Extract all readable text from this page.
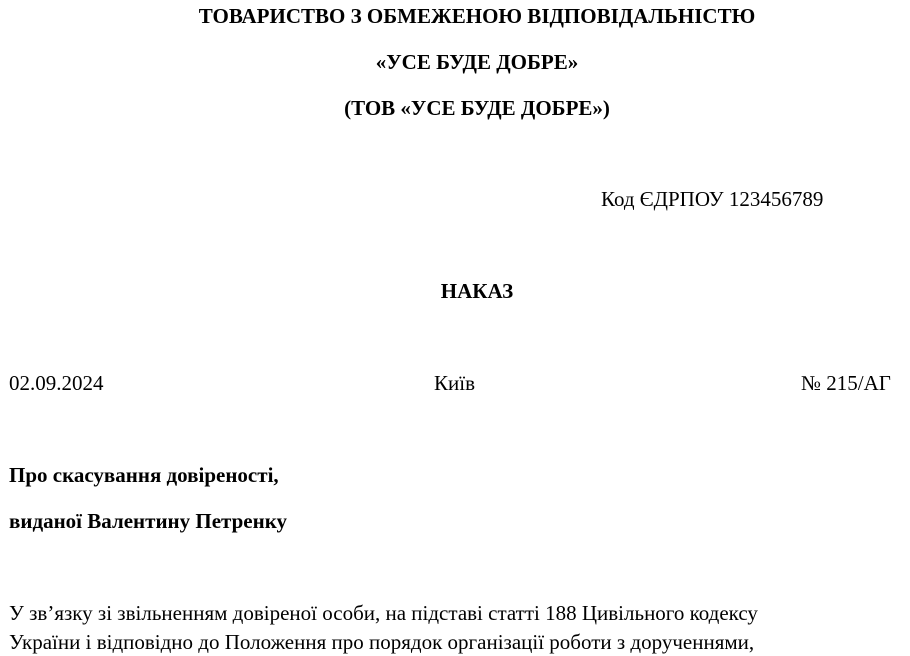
ТОВАРИСТВО З ОБМЕЖЕНОЮ ВІДПОВІДАЛЬНІСТЮ
«УСЕ БУДЕ ДОБРЕ»
(ТОВ «УСЕ БУДЕ ДОБРЕ»)
Код ЄДРПОУ 123456789
НАКАЗ
02.09.2024	Київ	№ 215/АГ
Про скасування довіреності,
виданої Валентину Петренку
У зв’язку зі звільненням довіреної особи, на підставі статті 188 Цивільного кодексу
України і відповідно до Положення про порядок організації роботи з дорученнями,
